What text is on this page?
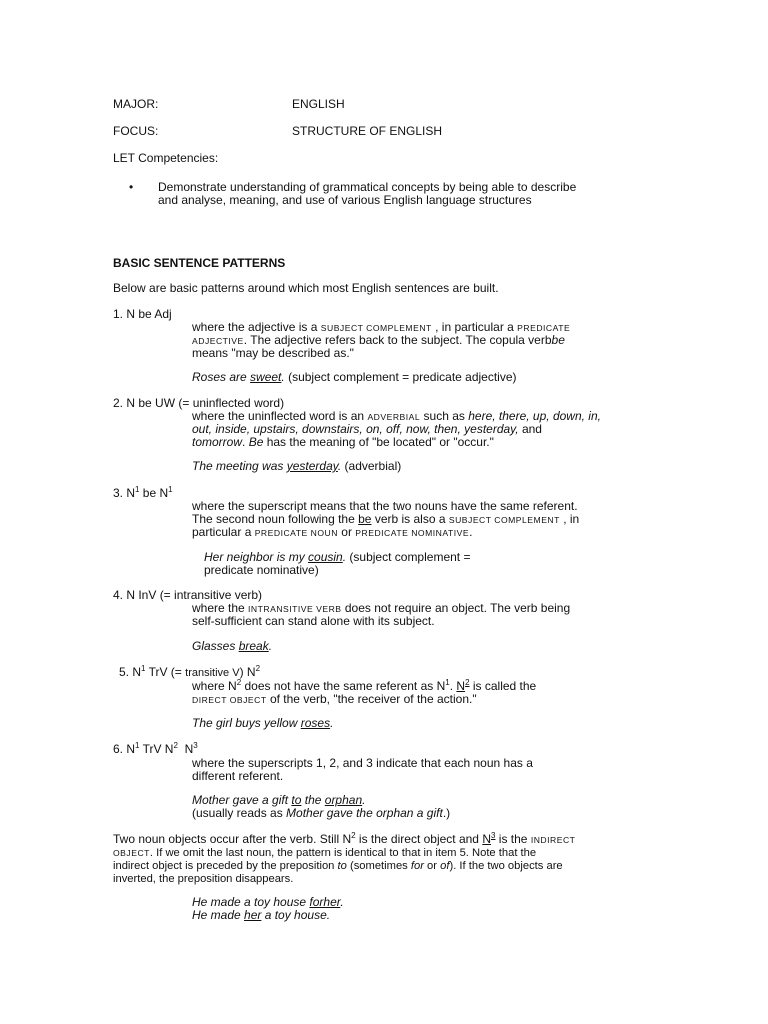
MAJOR:	ENGLISH
FOCUS:	STRUCTURE OF ENGLISH
LET Competencies:
• Demonstrate understanding of grammatical concepts by being able to describe
and analyse, meaning, and use of various English language structures
BASIC SENTENCE PATTERNS
Below are basic patterns around which most English sentences are built.
1. N be Adj
where the adjective is a SUBJECT COMPLEMENT , in particular a PREDICATE
ADJECTIVE. The adjective refers back to the subject. The copula verbbe
means "may be described as."
Roses are sweet. (subject complement = predicate adjective)
2. N be UW (= uninflected word)
where the uninflected word is an ADVERBIAL such as here, there, up, down, in,
out, inside, upstairs, downstairs, on, off, now, then, yesterday, and
tomorrow. Be has the meaning of "be located" or "occur."
The meeting was yesterday. (adverbial)
3. $N^1$ be $N^1$
where the superscript means that the two nouns have the same referent.
The second noun following the be verb is also a SUBJECT COMPLEMENT , in
particular a PREDICATE NOUN or PREDICATE NOMINATIVE.
Her neighbor is my cousin. (subject complement =
predicate nominative)
4. N InV (= intransitive verb)
where the INTRANSITIVE VERB does not require an object. The verb being
self-sufficient can stand alone with its subject.
Glasses break.
5. $N^1$ TrV (= transitive V) $N^2$
where $N^2$ does not have the same referent as $N^1$. $N^2$ is called the
DIRECT OBJECT of the verb, "the receiver of the action."
The girl buys yellow roses.
6. $N^1$ TrV $N^2$  $N^3$
where the superscripts 1, 2, and 3 indicate that each noun has a
different referent.
Mother gave a gift to the orphan.
(usually reads as Mother gave the orphan a gift.)
Two noun objects occur after the verb. Still $N^2$ is the direct object and $N^3$ is the INDIRECT
OBJECT. If we omit the last noun, the pattern is identical to that in item 5. Note that the
indirect object is preceded by the preposition to (sometimes for or of). If the two objects are
inverted, the preposition disappears.
He made a toy house forher.
He made her a toy house.
